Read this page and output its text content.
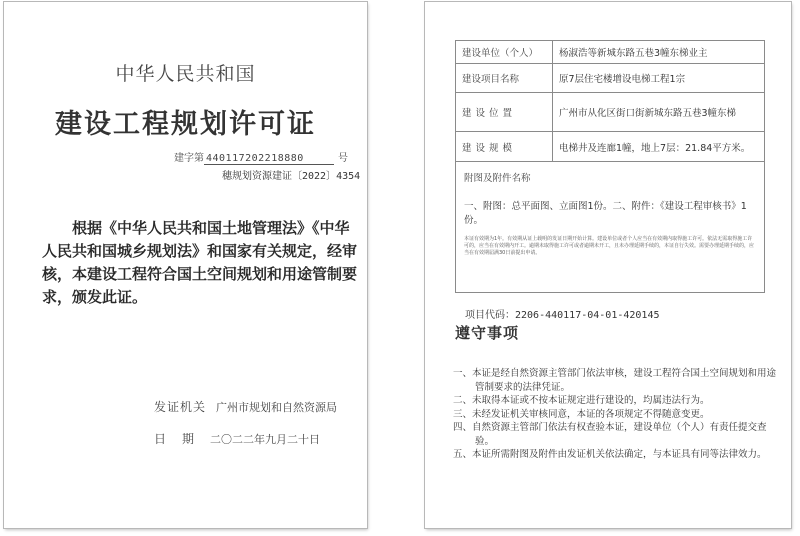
中华人民共和国
建设工程规划许可证
建字第 440117202218880	号
穗规划资源建证〔2022〕4354
根据《中华人民共和国土地管理法》《中华人民共和国城乡规划法》和国家有关规定，经审核，本建设工程符合国土空间规划和用途管制要求，颁发此证。
发证机关 广州市规划和自然资源局
日期二〇二二年九月二十日
建设单位（个人）	杨淑浩等新城东路五巷3幢东梯业主
建设项目名称	原7层住宅楼增设电梯工程1宗
建设位置	广州市从化区街口街新城东路五巷3幢东梯
建设规模	电梯井及连廊1幢，地上7层：21.84平方米。

附图及附件名称
一、附图：总平面图、立面图1份。二、附件：《建设工程审核书》1份。
本证有效期为1年。有效期从证上载明的发证日期开始计算。建设单位或者个人应当在有效期内取得施工许可。依法无需取得施工许可的，应当在有效期内开工。逾期未取得施工许可或者逾期未开工，且未办理延期手续的，本证自行失效。需要办理延期手续的，应当在有效期届满30日前提出申请。	
项目代码：2206-440117-04-01-420145
遵守事项
一、本证是经自然资源主管部门依法审核，建设工程符合国土空间规划和用途管制要求的法律凭证。
二、未取得本证或不按本证规定进行建设的，均属违法行为。
三、未经发证机关审核同意，本证的各项规定不得随意变更。
四、自然资源主管部门依法有权查验本证，建设单位（个人）有责任提交查验。
五、本证所需附图及附件由发证机关依法确定，与本证具有同等法律效力。
